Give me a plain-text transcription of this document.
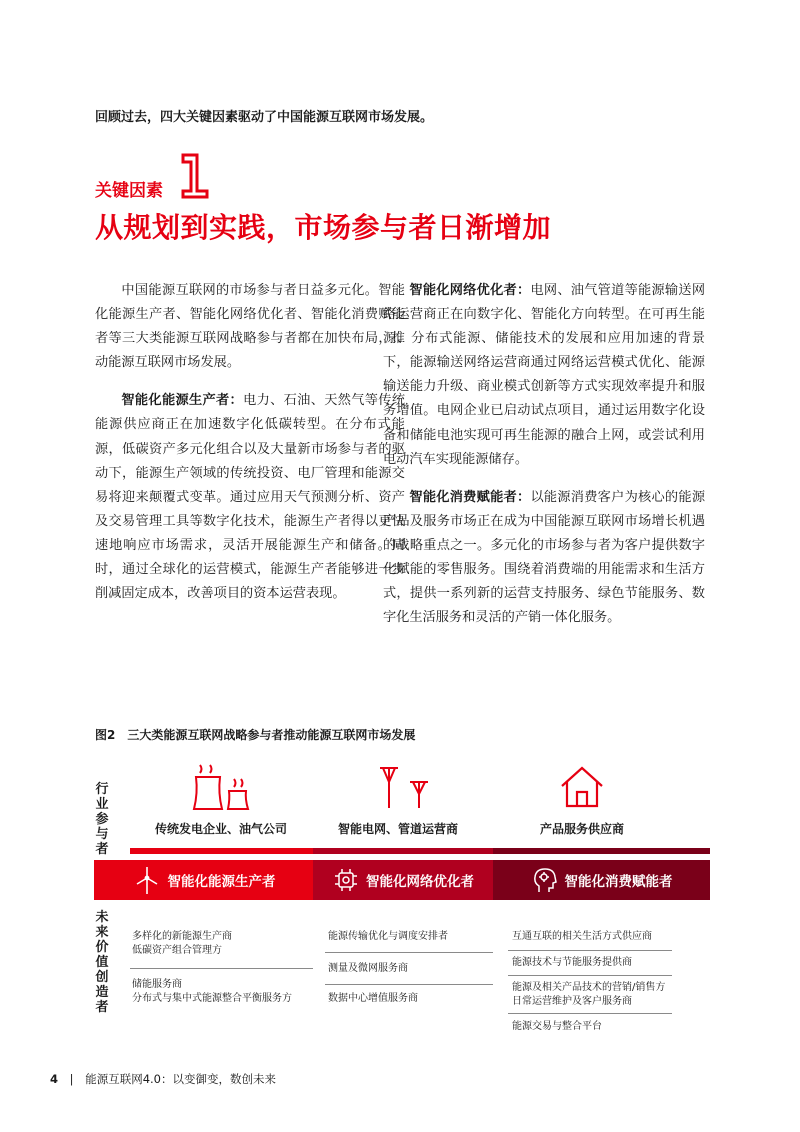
回顾过去，四大关键因素驱动了中国能源互联网市场发展。
关键因素
从规划到实践，市场参与者日渐增加

中国能源互联网的市场参与者日益多元化。智能化能源生产者、智能化网络优化者、智能化消费赋能者等三大类能源互联网战略参与者都在加快布局，推动能源互联网市场发展。

智能化能源生产者：电力、石油、天然气等传统能源供应商正在加速数字化低碳转型。在分布式能源，低碳资产多元化组合以及大量新市场参与者的驱动下，能源生产领域的传统投资、电厂管理和能源交易将迎来颠覆式变革。通过应用天气预测分析、资产及交易管理工具等数字化技术，能源生产者得以更快速地响应市场需求，灵活开展能源生产和储备。同时，通过全球化的运营模式，能源生产者能够进一步削减固定成本，改善项目的资本运营表现。

智能化网络优化者：电网、油气管道等能源输送网络运营商正在向数字化、智能化方向转型。在可再生能源、分布式能源、储能技术的发展和应用加速的背景下，能源输送网络运营商通过网络运营模式优化、能源输送能力升级、商业模式创新等方式实现效率提升和服务增值。电网企业已启动试点项目，通过运用数字化设备和储能电池实现可再生能源的融合上网，或尝试利用电动汽车实现能源储存。

智能化消费赋能者：以能源消费客户为核心的能源产品及服务市场正在成为中国能源互联网市场增长机遇的战略重点之一。多元化的市场参与者为客户提供数字化赋能的零售服务。围绕着消费端的用能需求和生活方式，提供一系列新的运营支持服务、绿色节能服务、数字化生活服务和灵活的产销一体化服务。

图2　三大类能源互联网战略参与者推动能源互联网市场发展
行业参与者
传统发电企业、油气公司	智能电网、管道运营商	产品服务供应商
智能化能源生产者	智能化网络优化者	智能化消费赋能者
未来价值创造者
多样化的新能源生产商
低碳资产组合管理方
储能服务商
分布式与集中式能源整合平衡服务方
能源传输优化与调度安排者
测量及微网服务商
数据中心增值服务商
互通互联的相关生活方式供应商
能源技术与节能服务提供商
能源及相关产品技术的营销/销售方
日常运营维护及客户服务商
能源交易与整合平台
4 | 能源互联网4.0：以变御变，数创未来
